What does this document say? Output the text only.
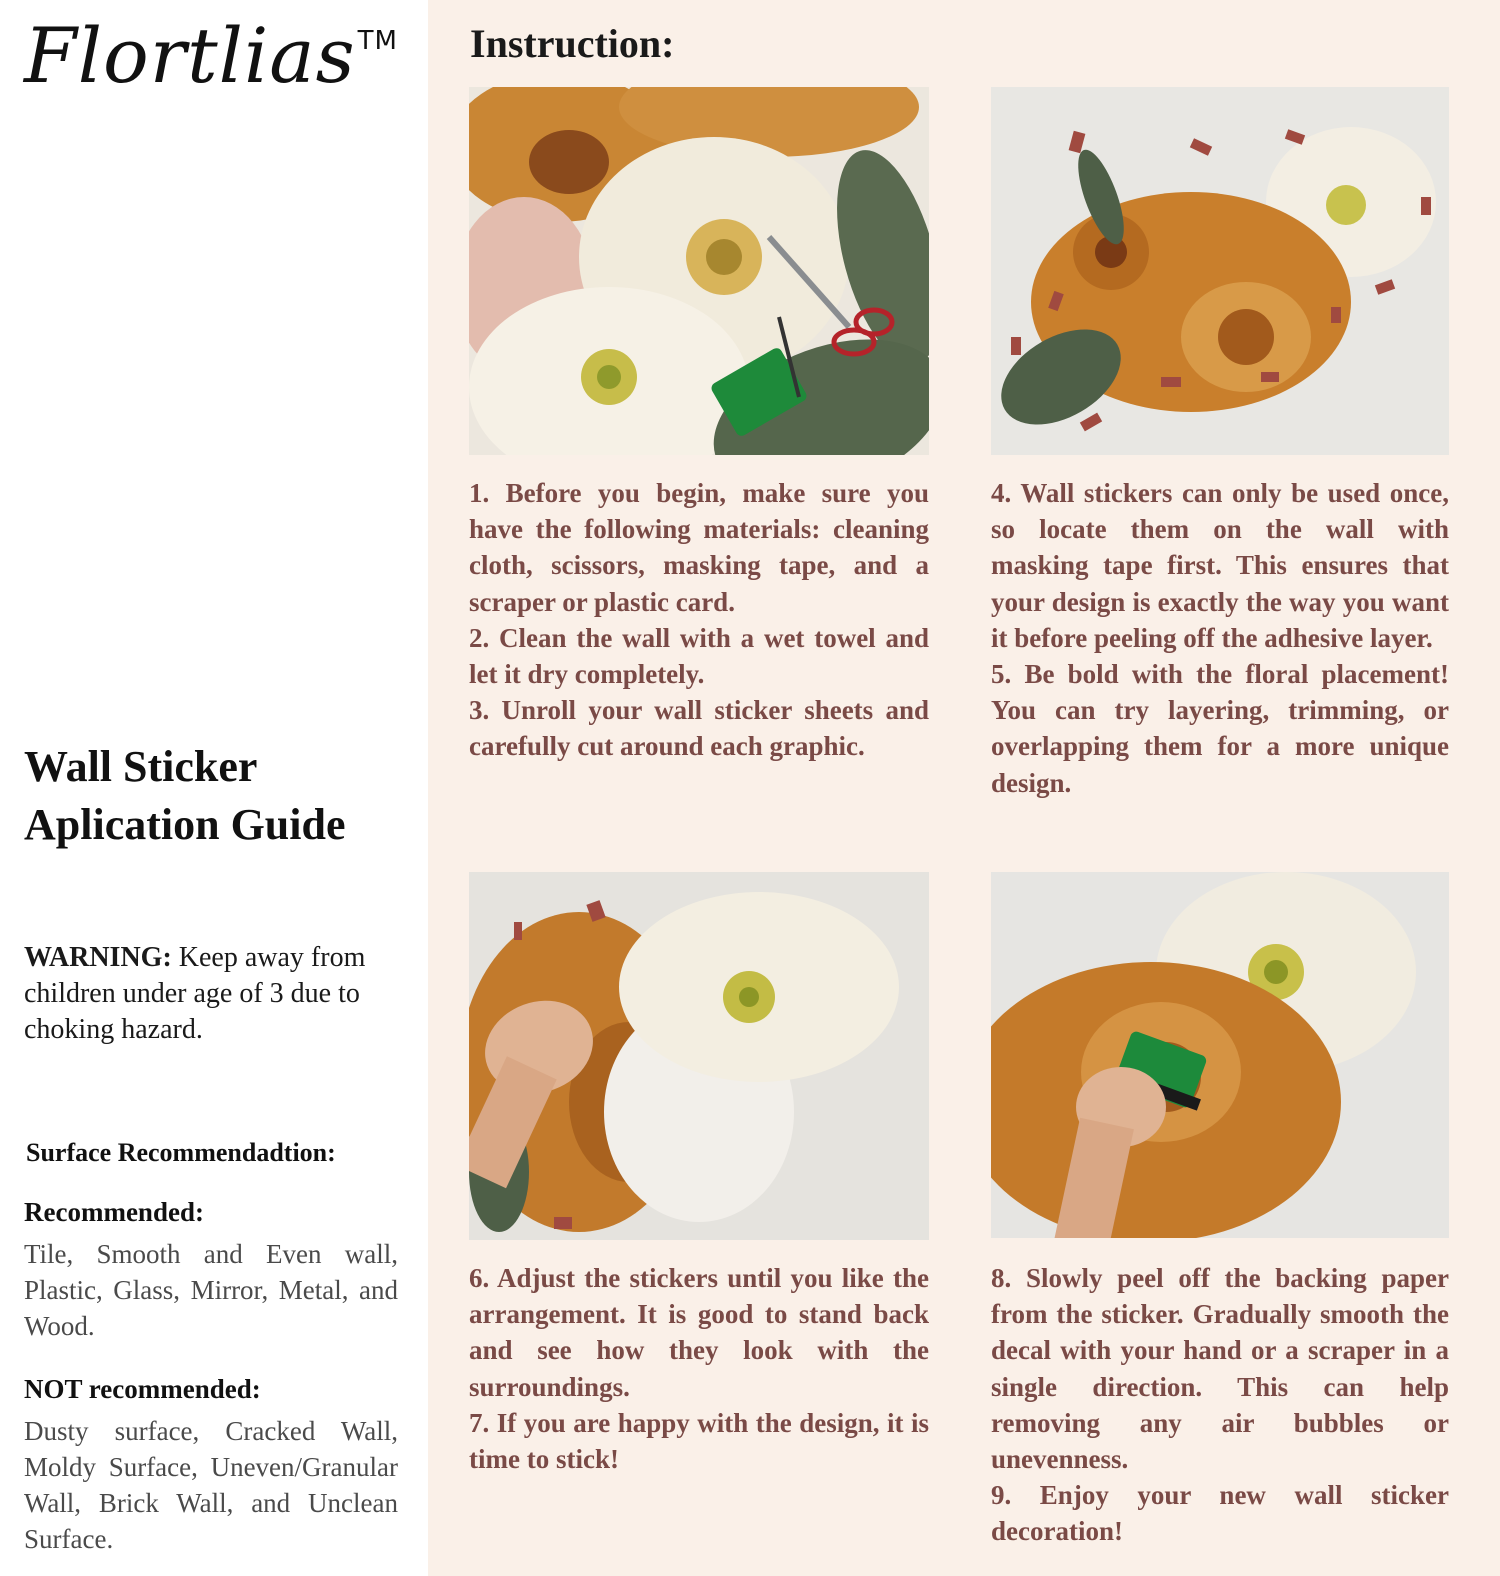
Flortlias™
Wall Sticker
Aplication Guide
WARNING: Keep away from children under age of 3 due to choking hazard.
Surface Recommendadtion:
Recommended:
Tile, Smooth and Even wall, Plastic, Glass, Mirror, Metal, and Wood.
NOT recommended:
Dusty surface, Cracked Wall, Moldy Surface, Uneven/Granular Wall, Brick Wall, and Unclean Surface.
Instruction:

1. Before you begin, make sure you have the following materials: cleaning cloth, scissors, masking tape, and a scraper or plastic card.

2. Clean the wall with a wet towel and let it dry completely.

3. Unroll your wall sticker sheets and carefully cut around each graphic.

4. Wall stickers can only be used once, so locate them on the wall with masking tape first. This ensures that your design is exactly the way you want it before peeling off the adhesive layer.

5. Be bold with the floral placement! You can try layering, trimming, or overlapping them for a more unique design.

6. Adjust the stickers until you like the arrangement. It is good to stand back and see how they look with the surroundings.

7. If you are happy with the design, it is time to stick!

8. Slowly peel off the backing paper from the sticker. Gradually smooth the decal with your hand or a scraper in a single direction. This can help removing any air bubbles or unevenness.

9. Enjoy your new wall sticker decoration!
